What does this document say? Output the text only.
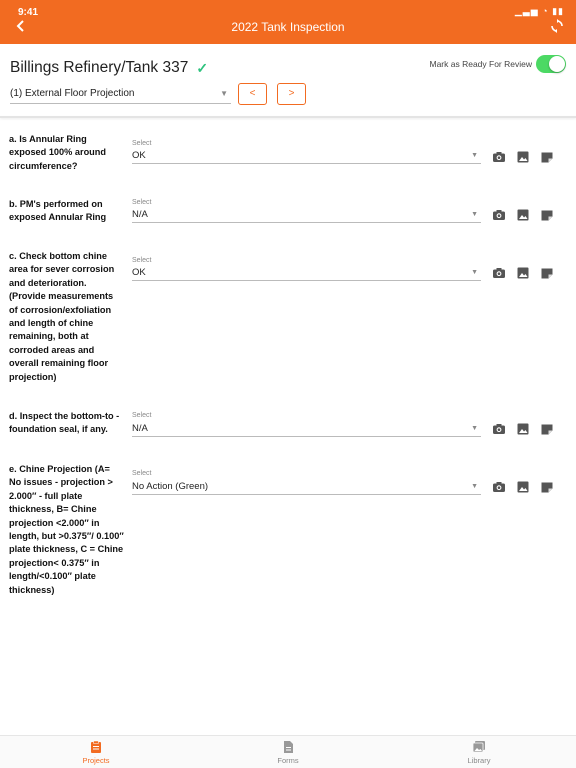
9:41	▁▃▅ ◔ ▮▮
2022 Tank Inspection
Billings Refinery/Tank 337 ✓	Mark as Ready For Review
(1) External Floor Projection	▼	<	>
a. Is Annular Ring exposed 100% around circumference?
Select
OK	▼
b. PM's performed on exposed Annular Ring
Select
N/A	▼
c. Check bottom chine area for sever corrosion and deterioration. (Provide measurements of corrosion/exfoliation and length of chine remaining, both at corroded areas and overall remaining floor projection)
Select
OK	▼
d. Inspect the bottom-to -foundation seal, if any.
Select
N/A	▼
e. Chine Projection (A= No issues - projection > 2.000″ - full plate thickness, B= Chine projection <2.000″ in length, but >0.375″/ 0.100″ plate thickness, C = Chine projection< 0.375″ in length/<0.100″ plate thickness)
Select
No Action (Green)	▼
Projects	Forms	Library
